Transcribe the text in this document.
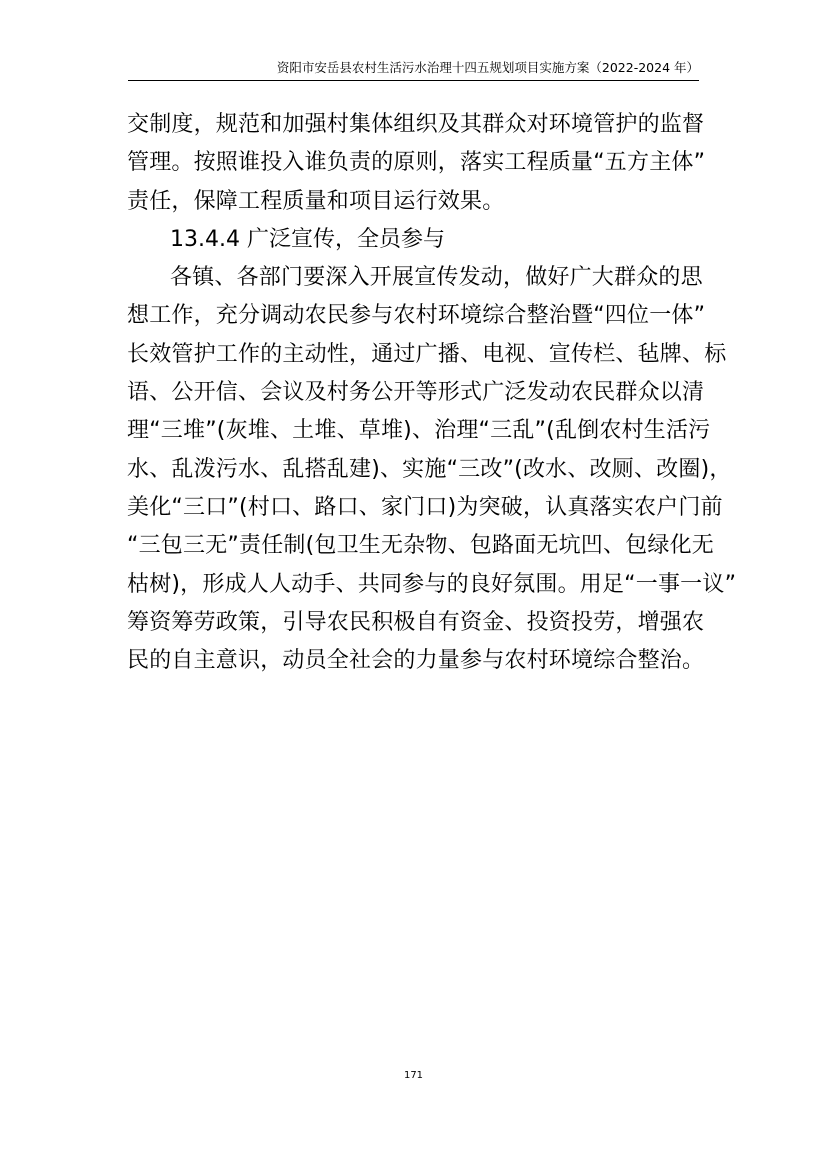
资阳市安岳县农村生活污水治理十四五规划项目实施方案（2022-2024 年）
交制度，规范和加强村集体组织及其群众对环境管护的监督
管理。按照谁投入谁负责的原则，落实工程质量“五方主体”
责任，保障工程质量和项目运行效果。
13.4.4 广泛宣传，全员参与
各镇、各部门要深入开展宣传发动，做好广大群众的思
想工作，充分调动农民参与农村环境综合整治暨“四位一体”
长效管护工作的主动性，通过广播、电视、宣传栏、毡牌、标
语、公开信、会议及村务公开等形式广泛发动农民群众以清
理“三堆”(灰堆、土堆、草堆)、治理“三乱”(乱倒农村生活污
水、乱泼污水、乱搭乱建)、实施“三改”(改水、改厕、改圈)，
美化“三口”(村口、路口、家门口)为突破，认真落实农户门前
“三包三无”责任制(包卫生无杂物、包路面无坑凹、包绿化无
枯树)，形成人人动手、共同参与的良好氛围。用足“一事一议”
筹资筹劳政策，引导农民积极自有资金、投资投劳，增强农
民的自主意识，动员全社会的力量参与农村环境综合整治。
171
